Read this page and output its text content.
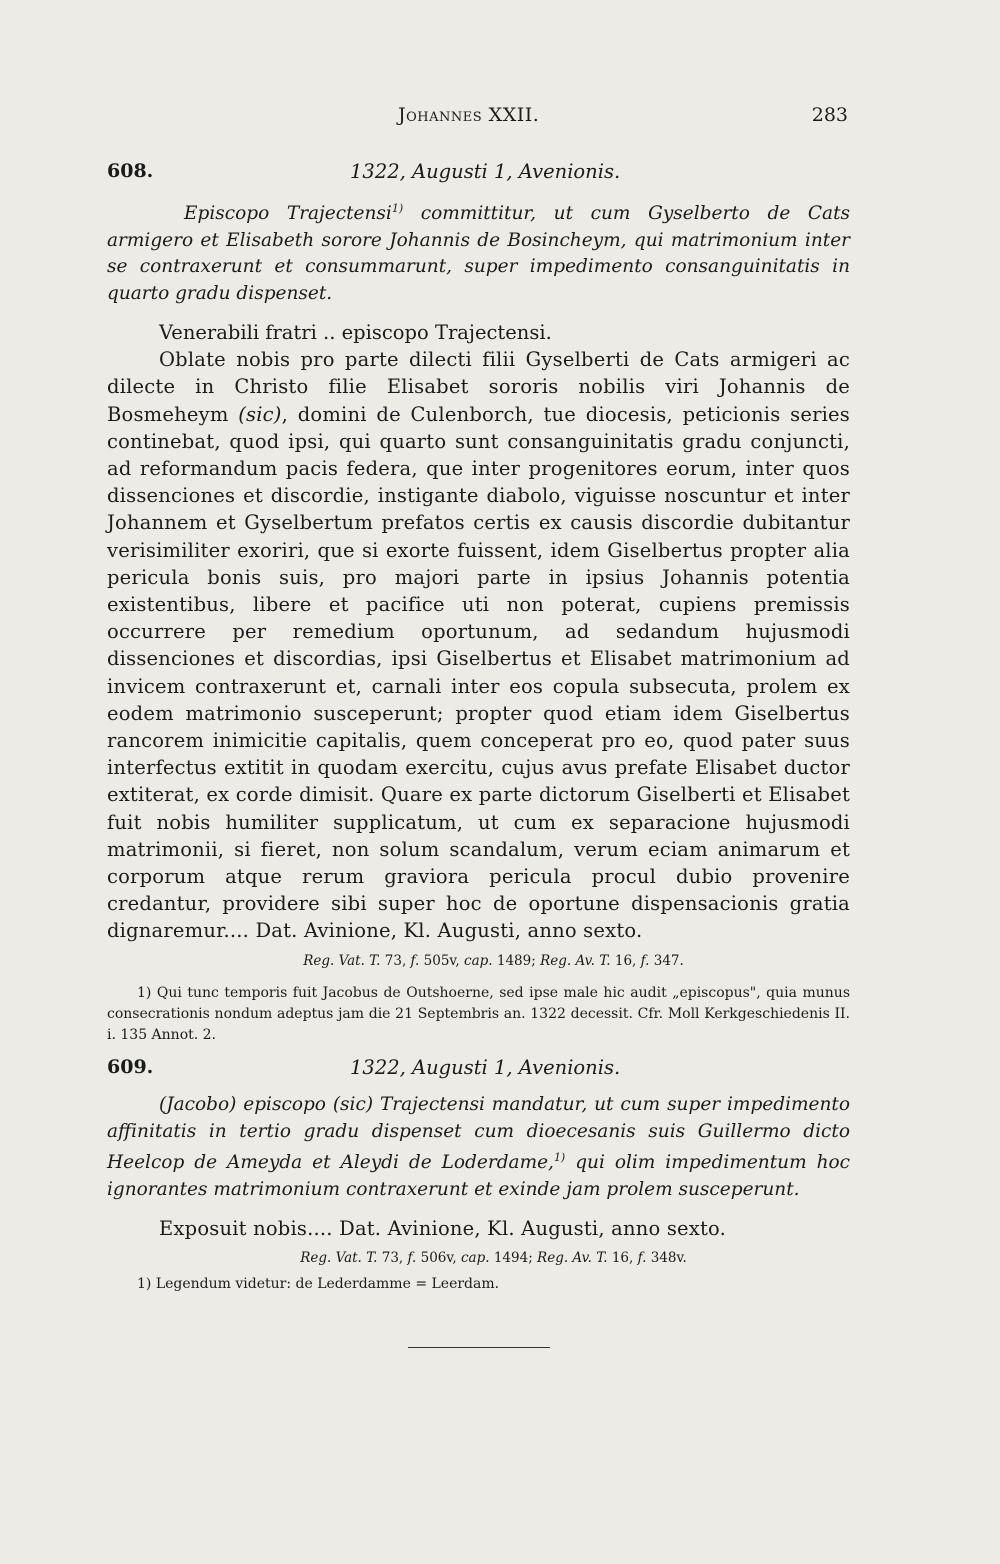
Johannes XXII.	283
608.	1322, Augusti 1, Avenionis.
Episcopo Trajectensi$^{1)}$ committitur, ut cum Gyselberto de Cats armigero et Elisabeth sorore Johannis de Bosincheym, qui matrimonium inter se contraxerunt et consummarunt, super impedimento consanguinitatis in quarto gradu dispenset.
Venerabili fratri .. episcopo Trajectensi.
Oblate nobis pro parte dilecti filii Gyselberti de Cats armigeri ac dilecte in Christo filie Elisabet sororis nobilis viri Johannis de Bosmeheym (sic), domini de Culenborch, tue diocesis, peticionis series continebat, quod ipsi, qui quarto sunt consanguinitatis gradu conjuncti, ad reformandum pacis federa, que inter progenitores eorum, inter quos dissenciones et discordie, instigante diabolo, viguisse noscuntur et inter Johannem et Gyselbertum prefatos certis ex causis discordie dubitantur verisimiliter exoriri, que si exorte fuissent, idem Giselbertus propter alia pericula bonis suis, pro majori parte in ipsius Johannis potentia existentibus, libere et pacifice uti non poterat, cupiens premissis occurrere per remedium oportunum, ad sedandum hujusmodi dissenciones et discordias, ipsi Giselbertus et Elisabet matrimonium ad invicem contraxerunt et, carnali inter eos copula subsecuta, prolem ex eodem matrimonio susceperunt; propter quod etiam idem Giselbertus rancorem inimicitie capitalis, quem conceperat pro eo, quod pater suus interfectus extitit in quodam exercitu, cujus avus prefate Elisabet ductor extiterat, ex corde dimisit. Quare ex parte dictorum Giselberti et Elisabet fuit nobis humiliter supplicatum, ut cum ex separacione hujusmodi matrimonii, si fieret, non solum scandalum, verum eciam animarum et corporum atque rerum graviora pericula procul dubio provenire credantur, providere sibi super hoc de oportune dispensacionis gratia dignaremur.... Dat. Avinione, Kl. Augusti, anno sexto.
Reg. Vat. T. 73, f. 505v, cap. 1489; Reg. Av. T. 16, f. 347.
1) Qui tunc temporis fuit Jacobus de Outshoerne, sed ipse male hic audit „episcopus", quia munus consecrationis nondum adeptus jam die 21 Septembris an. 1322 decessit. Cfr. Moll Kerkgeschiedenis II. i. 135 Annot. 2.
609.	1322, Augusti 1, Avenionis.
(Jacobo) episcopo (sic) Trajectensi mandatur, ut cum super impedimento affinitatis in tertio gradu dispenset cum dioecesanis suis Guillermo dicto Heelcop de Ameyda et Aleydi de Loderdame,$^{1)}$ qui olim impedimentum hoc ignorantes matrimonium contraxerunt et exinde jam prolem susceperunt.
Exposuit nobis.... Dat. Avinione, Kl. Augusti, anno sexto.
Reg. Vat. T. 73, f. 506v, cap. 1494; Reg. Av. T. 16, f. 348v.
1) Legendum videtur: de Lederdamme = Leerdam.
